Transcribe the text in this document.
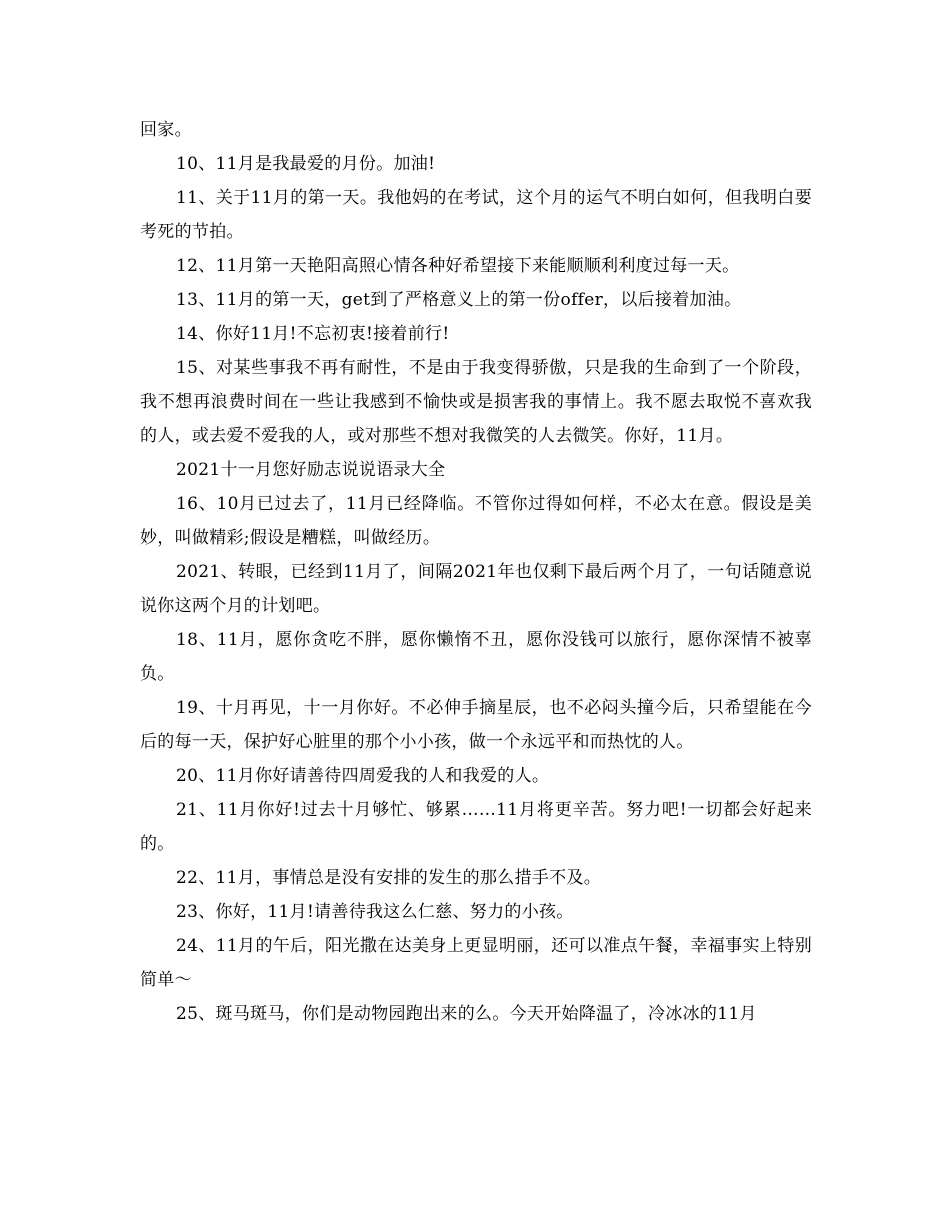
回家。

10、11月是我最爱的月份。加油!

11、关于11月的第一天。我他妈的在考试，这个月的运气不明白如何，但我明白要考死的节拍。

12、11月第一天艳阳高照心情各种好希望接下来能顺顺利利度过每一天。

13、11月的第一天，get到了严格意义上的第一份offer，以后接着加油。

14、你好11月!不忘初衷!接着前行!

15、对某些事我不再有耐性，不是由于我变得骄傲，只是我的生命到了一个阶段，我不想再浪费时间在一些让我感到不愉快或是损害我的事情上。我不愿去取悦不喜欢我的人，或去爱不爱我的人，或对那些不想对我微笑的人去微笑。你好，11月。

2021十一月您好励志说说语录大全

16、10月已过去了，11月已经降临。不管你过得如何样，不必太在意。假设是美妙，叫做精彩;假设是糟糕，叫做经历。

2021、转眼，已经到11月了，间隔2021年也仅剩下最后两个月了，一句话随意说说你这两个月的计划吧。

18、11月，愿你贪吃不胖，愿你懒惰不丑，愿你没钱可以旅行，愿你深情不被辜负。

19、十月再见，十一月你好。不必伸手摘星辰，也不必闷头撞今后，只希望能在今后的每一天，保护好心脏里的那个小小孩，做一个永远平和而热忱的人。

20、11月你好请善待四周爱我的人和我爱的人。

21、11月你好!过去十月够忙、够累……11月将更辛苦。努力吧!一切都会好起来的。

22、11月，事情总是没有安排的发生的那么措手不及。

23、你好，11月!请善待我这么仁慈、努力的小孩。

24、11月的午后，阳光撒在达美身上更显明丽，还可以准点午餐，幸福事实上特别简单～

25、斑马斑马，你们是动物园跑出来的么。今天开始降温了，冷冰冰的11月
